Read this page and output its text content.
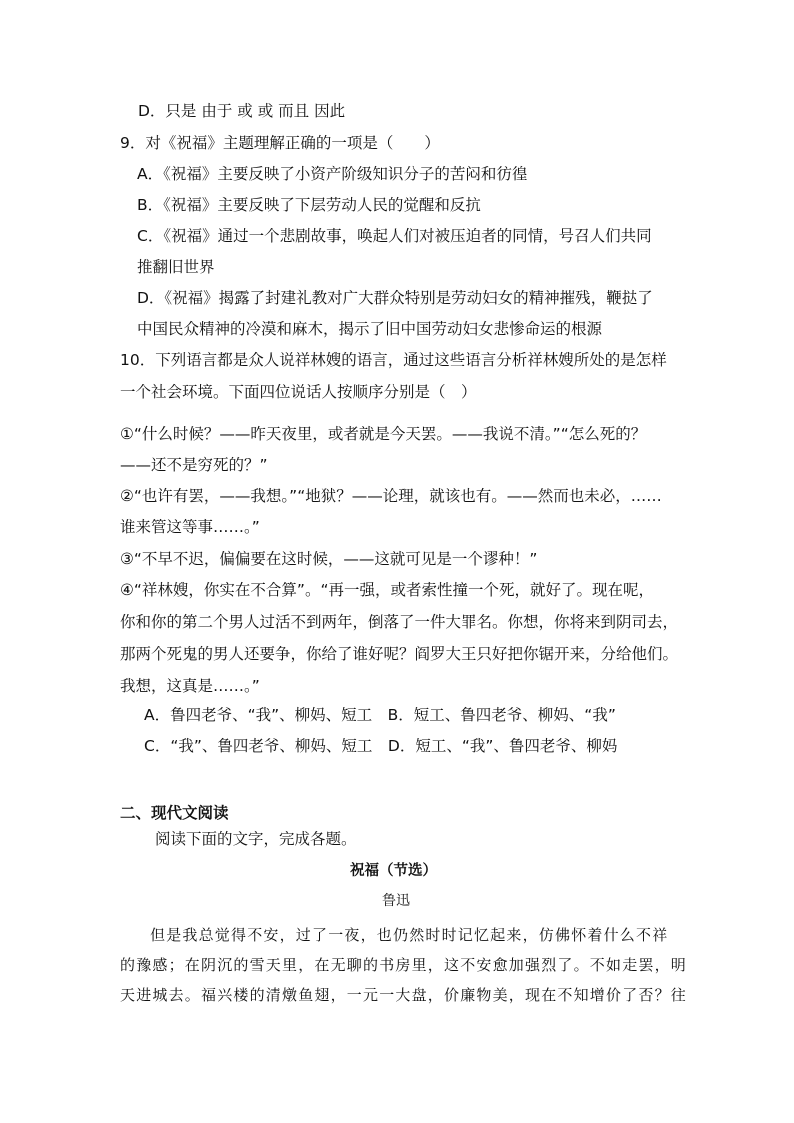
D．只是 由于 或 或 而且 因此
9．对《祝福》主题理解正确的一项是（　　）
A．《祝福》主要反映了小资产阶级知识分子的苦闷和彷徨
B．《祝福》主要反映了下层劳动人民的觉醒和反抗
C．《祝福》通过一个悲剧故事，唤起人们对被压迫者的同情，号召人们共同
推翻旧世界
D．《祝福》揭露了封建礼教对广大群众特别是劳动妇女的精神摧残，鞭挞了
中国民众精神的冷漠和麻木，揭示了旧中国劳动妇女悲惨命运的根源
10．下列语言都是众人说祥林嫂的语言，通过这些语言分析祥林嫂所处的是怎样
一个社会环境。下面四位说话人按顺序分别是（　）
①“什么时候？——昨天夜里，或者就是今天罢。——我说不清。”“怎么死的？
——还不是穷死的？”
②“也许有罢，——我想。”“地狱？——论理，就该也有。——然而也未必，……
谁来管这等事……。”
③“不早不迟，偏偏要在这时候，——这就可见是一个谬种！”
④“祥林嫂，你实在不合算”。“再一强，或者索性撞一个死，就好了。现在呢，
你和你的第二个男人过活不到两年，倒落了一件大罪名。你想，你将来到阴司去，
那两个死鬼的男人还要争，你给了谁好呢？阎罗大王只好把你锯开来，分给他们。
我想，这真是……。”
A．鲁四老爷、“我”、柳妈、短工　B．短工、鲁四老爷、柳妈、“我”
C．“我”、鲁四老爷、柳妈、短工　D．短工、“我”、鲁四老爷、柳妈
二、现代文阅读
阅读下面的文字，完成各题。
祝福（节选）
鲁迅
但是我总觉得不安，过了一夜，也仍然时时记忆起来，仿佛怀着什么不祥
的豫感；在阴沉的雪天里，在无聊的书房里，这不安愈加强烈了。不如走罢，明
天进城去。福兴楼的清燉鱼翅，一元一大盘，价廉物美，现在不知增价了否？往
